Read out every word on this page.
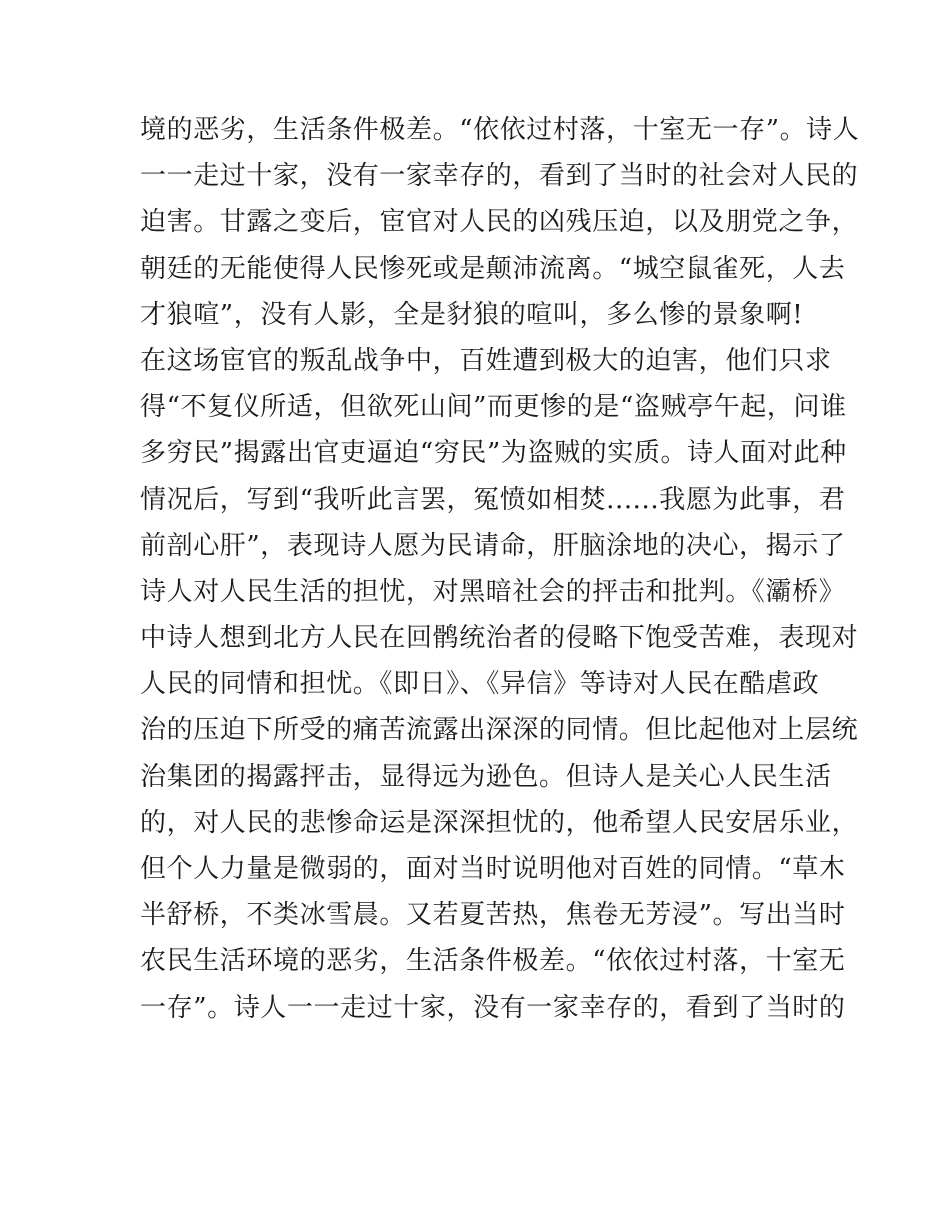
境的恶劣，生活条件极差。“依依过村落，十室无一存”。诗人
一一走过十家，没有一家幸存的，看到了当时的社会对人民的
迫害。甘露之变后，宦官对人民的凶残压迫，以及朋党之争，
朝廷的无能使得人民惨死或是颠沛流离。“城空鼠雀死，人去
才狼喧”，没有人影，全是豺狼的喧叫，多么惨的景象啊!
在这场宦官的叛乱战争中，百姓遭到极大的迫害，他们只求
得“不复仪所适，但欲死山间”而更惨的是“盗贼亭午起，问谁
多穷民”揭露出官吏逼迫“穷民”为盗贼的实质。诗人面对此种
情况后，写到“我听此言罢，冤愤如相焚......我愿为此事，君
前剖心肝”，表现诗人愿为民请命，肝脑涂地的决心，揭示了
诗人对人民生活的担忧，对黑暗社会的抨击和批判。《灞桥》
中诗人想到北方人民在回鹘统治者的侵略下饱受苦难，表现对
人民的同情和担忧。《即日》、《异信》等诗对人民在酷虐政
治的压迫下所受的痛苦流露出深深的同情。但比起他对上层统
治集团的揭露抨击，显得远为逊色。但诗人是关心人民生活
的，对人民的悲惨命运是深深担忧的，他希望人民安居乐业，
但个人力量是微弱的，面对当时说明他对百姓的同情。“草木
半舒桥，不类冰雪晨。又若夏苦热，焦卷无芳浸”。写出当时
农民生活环境的恶劣，生活条件极差。“依依过村落，十室无
一存”。诗人一一走过十家，没有一家幸存的，看到了当时的
